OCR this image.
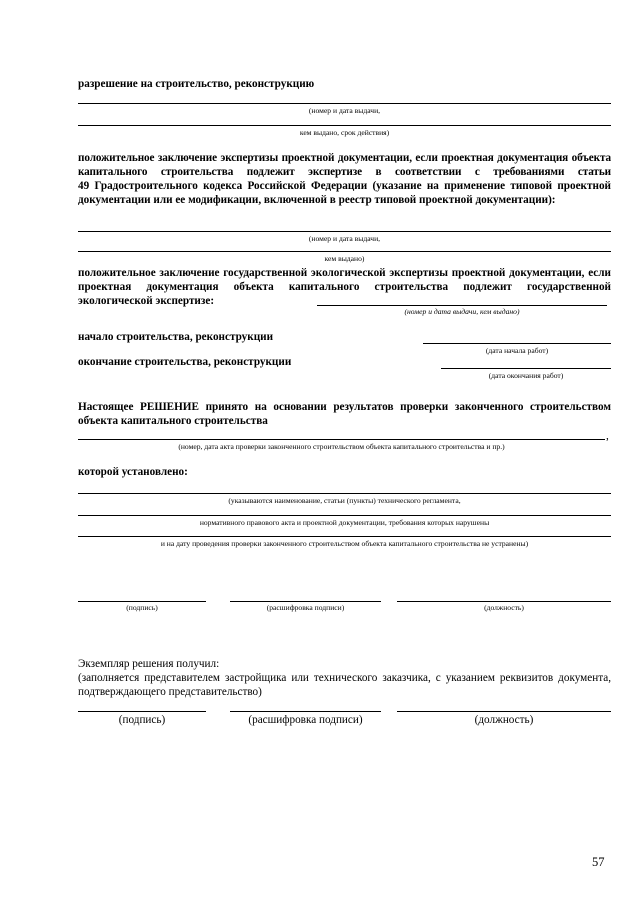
разрешение на строительство, реконструкцию
(номер и дата выдачи,
кем выдано, срок действия)
положительное заключение экспертизы проектной документации, если проектная документация объекта капитального строительства подлежит экспертизе в соответствии с требованиями статьи
49 Градостроительного кодекса Российской Федерации (указание на применение типовой проектной документации или ее модификации, включенной в реестр типовой проектной документации):
(номер и дата выдачи,
кем выдано)
положительное заключение государственной экологической экспертизы проектной документации, если проектная документация объекта капитального строительства подлежит государственной экологической экспертизе:
(номер и дата выдачи, кем выдано)
начало строительства, реконструкции
(дата начала работ)
окончание строительства, реконструкции
(дата окончания работ)
Настоящее РЕШЕНИЕ принято на основании результатов проверки законченного строительством объекта капитального строительства
,
(номер, дата акта проверки законченного строительством объекта капитального строительства и пр.)
которой установлено:
(указываются наименование, статьи (пункты) технического регламента,
нормативного правового акта и проектной документации, требования которых нарушены
и на дату проведения проверки законченного строительством объекта капитального строительства не устранены)
(подпись)	(расшифровка подписи)	(должность)
Экземпляр решения получил:
(заполняется представителем застройщика или технического заказчика, с указанием реквизитов документа, подтверждающего представительство)
(подпись)	(расшифровка подписи)	(должность)
57
